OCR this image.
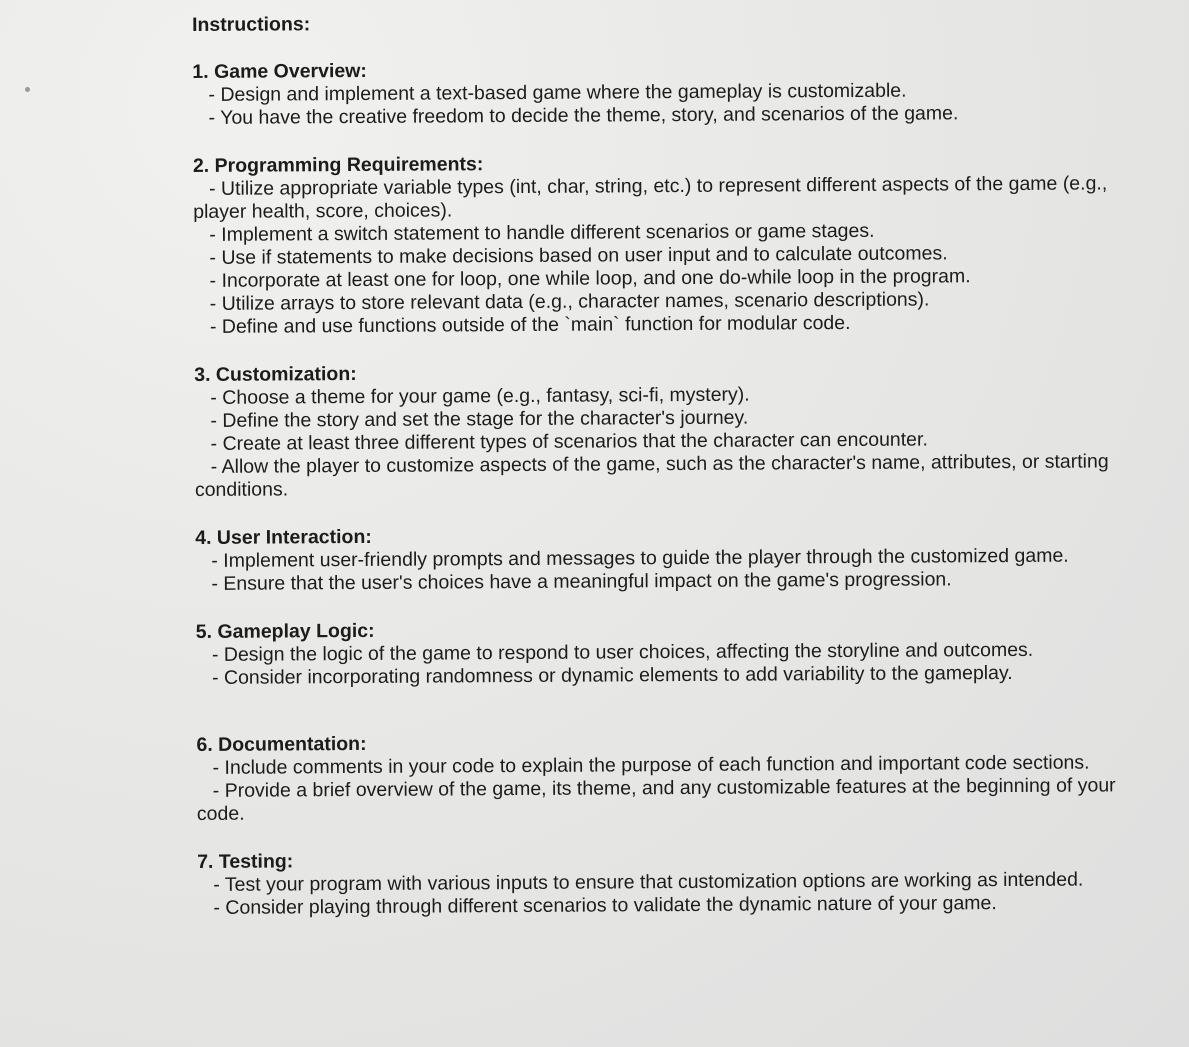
Instructions:
1. Game Overview:
- Design and implement a text-based game where the gameplay is customizable.
- You have the creative freedom to decide the theme, story, and scenarios of the game.
2. Programming Requirements:
- Utilize appropriate variable types (int, char, string, etc.) to represent different aspects of the game (e.g., player health, score, choices).
- Implement a switch statement to handle different scenarios or game stages.
- Use if statements to make decisions based on user input and to calculate outcomes.
- Incorporate at least one for loop, one while loop, and one do-while loop in the program.
- Utilize arrays to store relevant data (e.g., character names, scenario descriptions).
- Define and use functions outside of the `main` function for modular code.
3. Customization:
- Choose a theme for your game (e.g., fantasy, sci-fi, mystery).
- Define the story and set the stage for the character's journey.
- Create at least three different types of scenarios that the character can encounter.
- Allow the player to customize aspects of the game, such as the character's name, attributes, or starting conditions.
4. User Interaction:
- Implement user-friendly prompts and messages to guide the player through the customized game.
- Ensure that the user's choices have a meaningful impact on the game's progression.
5. Gameplay Logic:
- Design the logic of the game to respond to user choices, affecting the storyline and outcomes.
- Consider incorporating randomness or dynamic elements to add variability to the gameplay.
6. Documentation:
- Include comments in your code to explain the purpose of each function and important code sections.
- Provide a brief overview of the game, its theme, and any customizable features at the beginning of your code.
7. Testing:
- Test your program with various inputs to ensure that customization options are working as intended.
- Consider playing through different scenarios to validate the dynamic nature of your game.
